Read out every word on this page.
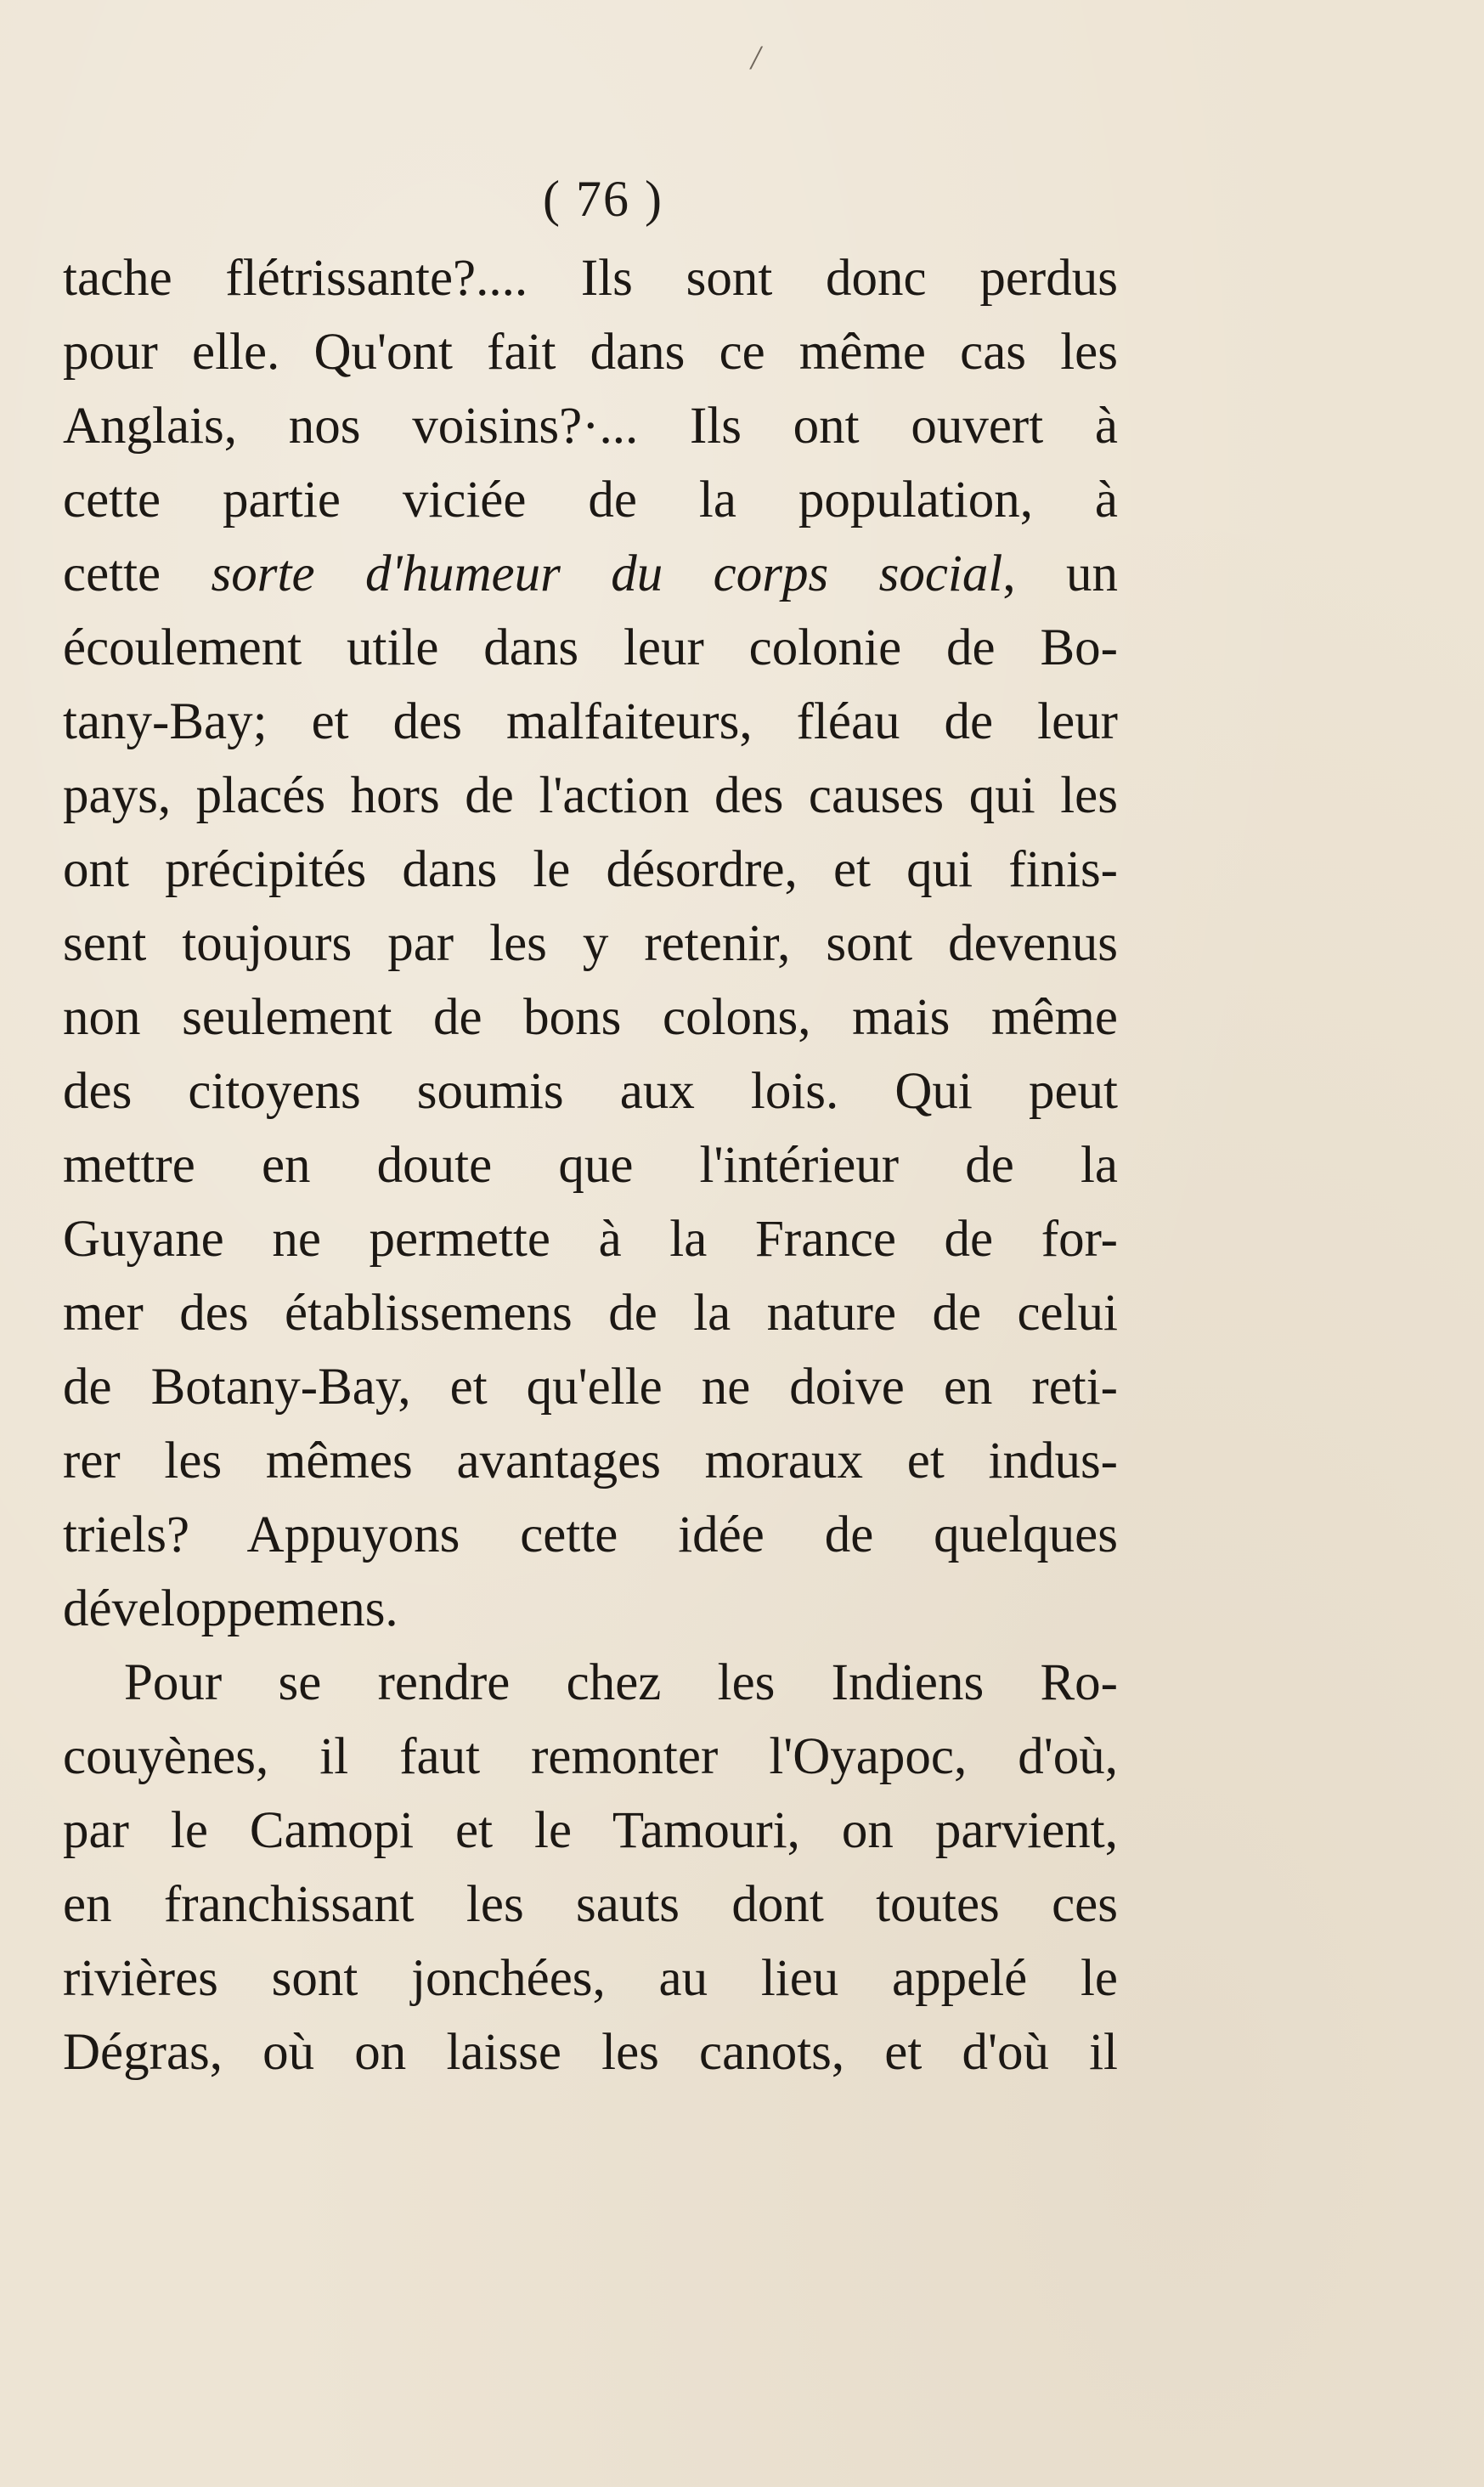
/
( 76 )
tache flétrissante?.... Ils sont donc perdus
pour elle. Qu'ont fait dans ce même cas les
Anglais, nos voisins?·... Ils ont ouvert à
cette partie viciée de la population, à
cette sorte d'humeur du corps social, un
écoulement utile dans leur colonie de Bo-
tany-Bay; et des malfaiteurs, fléau de leur
pays, placés hors de l'action des causes qui les
ont précipités dans le désordre, et qui finis-
sent toujours par les y retenir, sont devenus
non seulement de bons colons, mais même
des citoyens soumis aux lois. Qui peut
mettre en doute que l'intérieur de la
Guyane ne permette à la France de for-
mer des établissemens de la nature de celui
de Botany-Bay, et qu'elle ne doive en reti-
rer les mêmes avantages moraux et indus-
triels? Appuyons cette idée de quelques
développemens.
Pour se rendre chez les Indiens Ro-
couyènes, il faut remonter l'Oyapoc, d'où,
par le Camopi et le Tamouri, on parvient,
en franchissant les sauts dont toutes ces
rivières sont jonchées, au lieu appelé le
Dégras, où on laisse les canots, et d'où il
